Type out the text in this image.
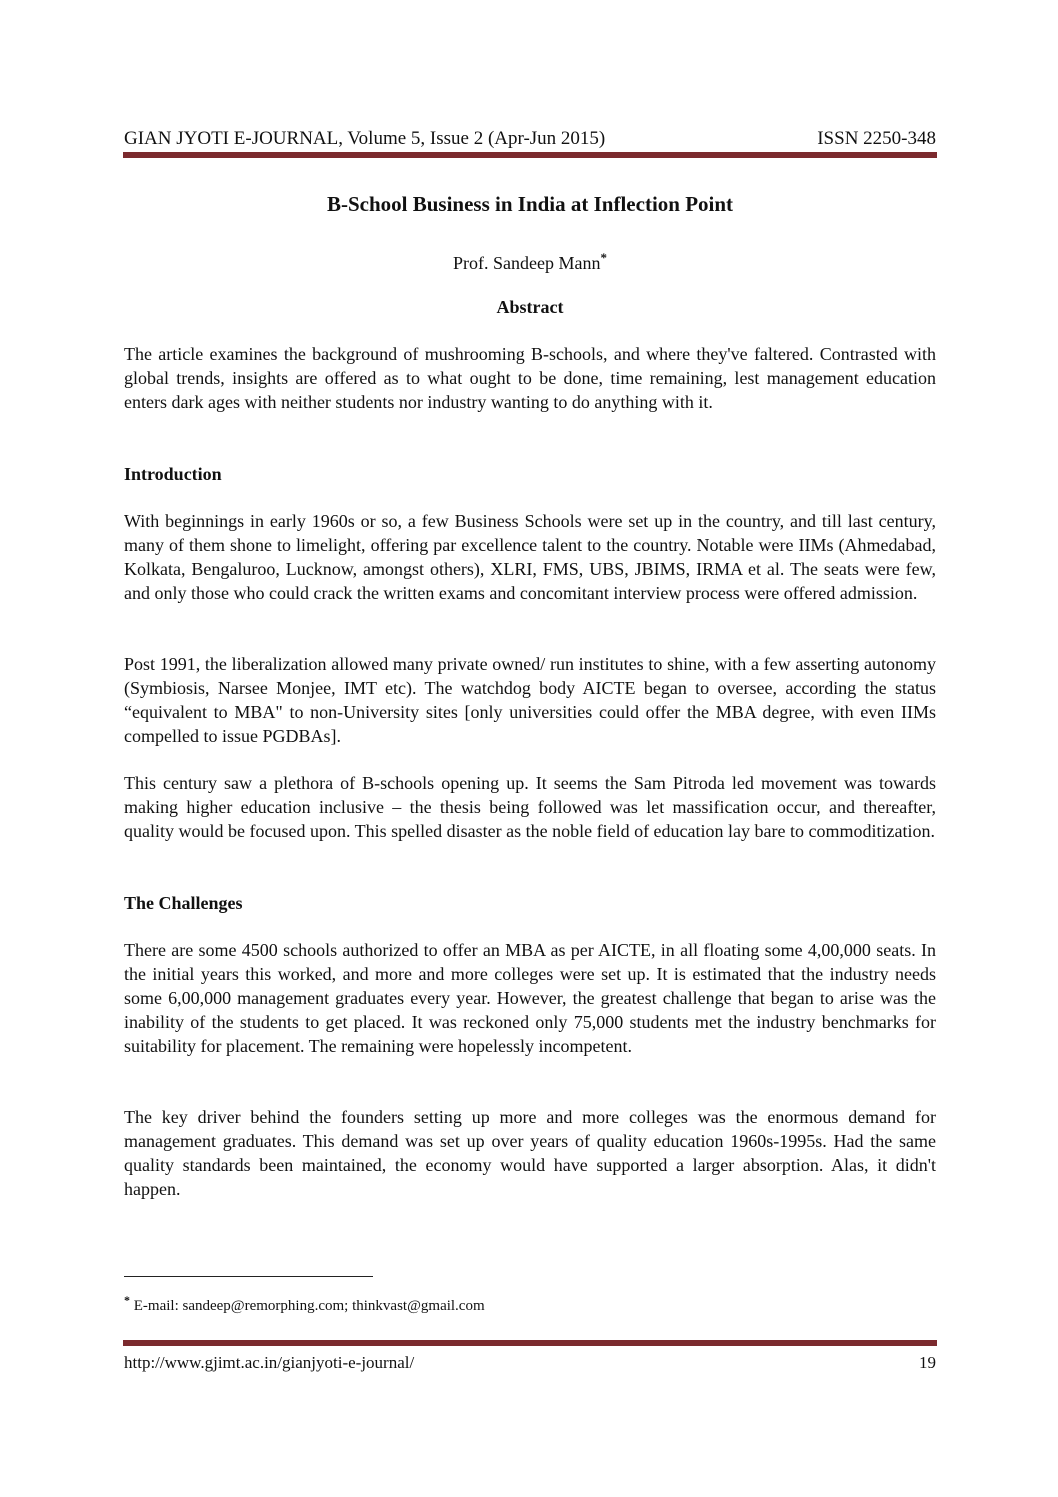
GIAN JYOTI E-JOURNAL, Volume 5, Issue 2 (Apr-Jun 2015)	ISSN 2250-348
B-School Business in India at Inflection Point
Prof. Sandeep Mann*
Abstract
The article examines the background of mushrooming B-schools, and where they've faltered. Contrasted with global trends, insights are offered as to what ought to be done, time remaining, lest management education enters dark ages with neither students nor industry wanting to do anything with it.
Introduction
With beginnings in early 1960s or so, a few Business Schools were set up in the country, and till last century, many of them shone to limelight, offering par excellence talent to the country. Notable were IIMs (Ahmedabad, Kolkata, Bengaluroo, Lucknow, amongst others), XLRI, FMS, UBS, JBIMS, IRMA et al. The seats were few, and only those who could crack the written exams and concomitant interview process were offered admission.
Post 1991, the liberalization allowed many private owned/ run institutes to shine, with a few asserting autonomy (Symbiosis, Narsee Monjee, IMT etc). The watchdog body AICTE began to oversee, according the status “equivalent to MBA" to non-University sites [only universities could offer the MBA degree, with even IIMs compelled to issue PGDBAs].
This century saw a plethora of B-schools opening up. It seems the Sam Pitroda led movement was towards making higher education inclusive – the thesis being followed was let massification occur, and thereafter, quality would be focused upon. This spelled disaster as the noble field of education lay bare to commoditization.
The Challenges
There are some 4500 schools authorized to offer an MBA as per AICTE, in all floating some 4,00,000 seats. In the initial years this worked, and more and more colleges were set up. It is estimated that the industry needs some 6,00,000 management graduates every year. However, the greatest challenge that began to arise was the inability of the students to get placed. It was reckoned only 75,000 students met the industry benchmarks for suitability for placement. The remaining were hopelessly incompetent.
The key driver behind the founders setting up more and more colleges was the enormous demand for management graduates. This demand was set up over years of quality education 1960s-1995s. Had the same quality standards been maintained, the economy would have supported a larger absorption. Alas, it didn't happen.
* E-mail: sandeep@remorphing.com; thinkvast@gmail.com
http://www.gjimt.ac.in/gianjyoti-e-journal/	19
